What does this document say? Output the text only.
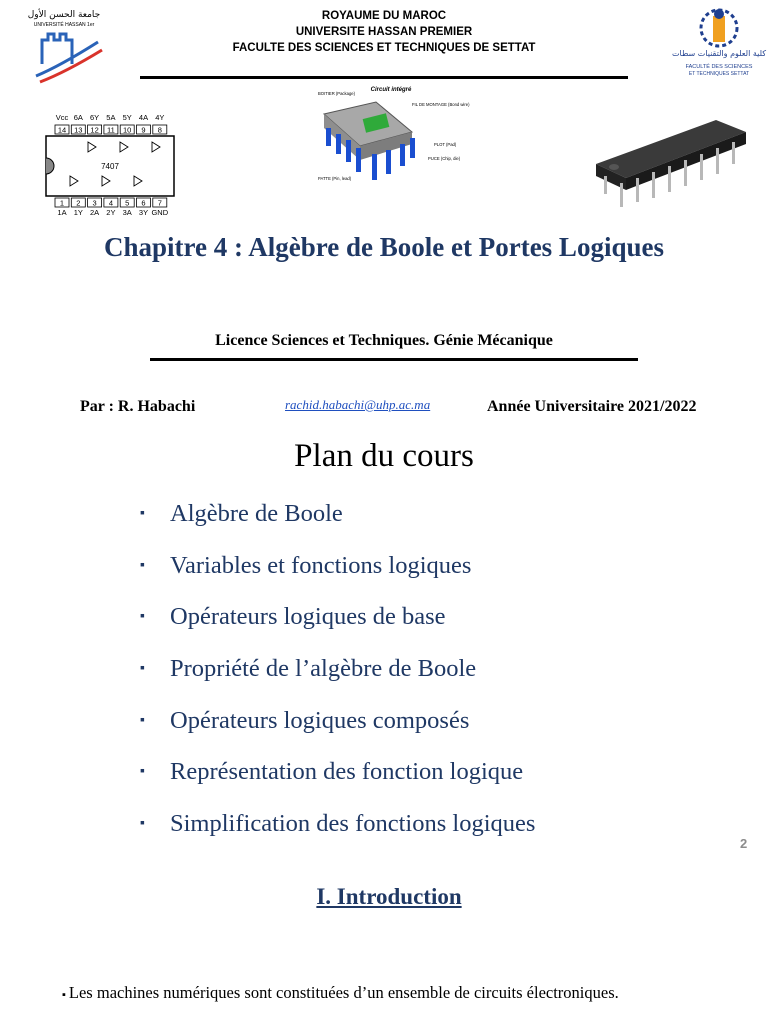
جامعة الحسن الأول
UNIVERSITÉ HASSAN 1er
ROYAUME DU MAROC
UNIVERSITE HASSAN PREMIER
FACULTE DES SCIENCES ET TECHNIQUES DE SETTAT	كلية العلوم والتقنيات سطات
FACULTÉ DES SCIENCES
ET TECHNIQUES SETTAT
Vcc
14
1
1A
6A
13
2
1Y
6Y
12
3
2A
5A
11
4
2Y
5Y
10
5
3A
4A
9
6
3Y
4Y
8
7
GND
7407
Circuit intégré
BOITIER (Package)
FIL DE MONTAGE (Bond wire)
PLOT (Pad)
PUCE (Chip, die)
PATTE (Pin, lead)
Chapitre 4 : Algèbre de Boole et Portes Logiques
Licence Sciences et Techniques. Génie Mécanique
Par : R. Habachi	rachid.habachi@uhp.ac.ma	Année Universitaire 2021/2022
Plan du cours
▪	Algèbre de Boole
▪	Variables et fonctions logiques
▪	Opérateurs logiques de base
▪	Propriété de l’algèbre de Boole
▪	Opérateurs logiques composés
▪	Représentation des fonction logique
▪	Simplification des fonctions logiques
2
I. Introduction
▪ Les machines numériques sont constituées d’un ensemble de circuits électroniques.
